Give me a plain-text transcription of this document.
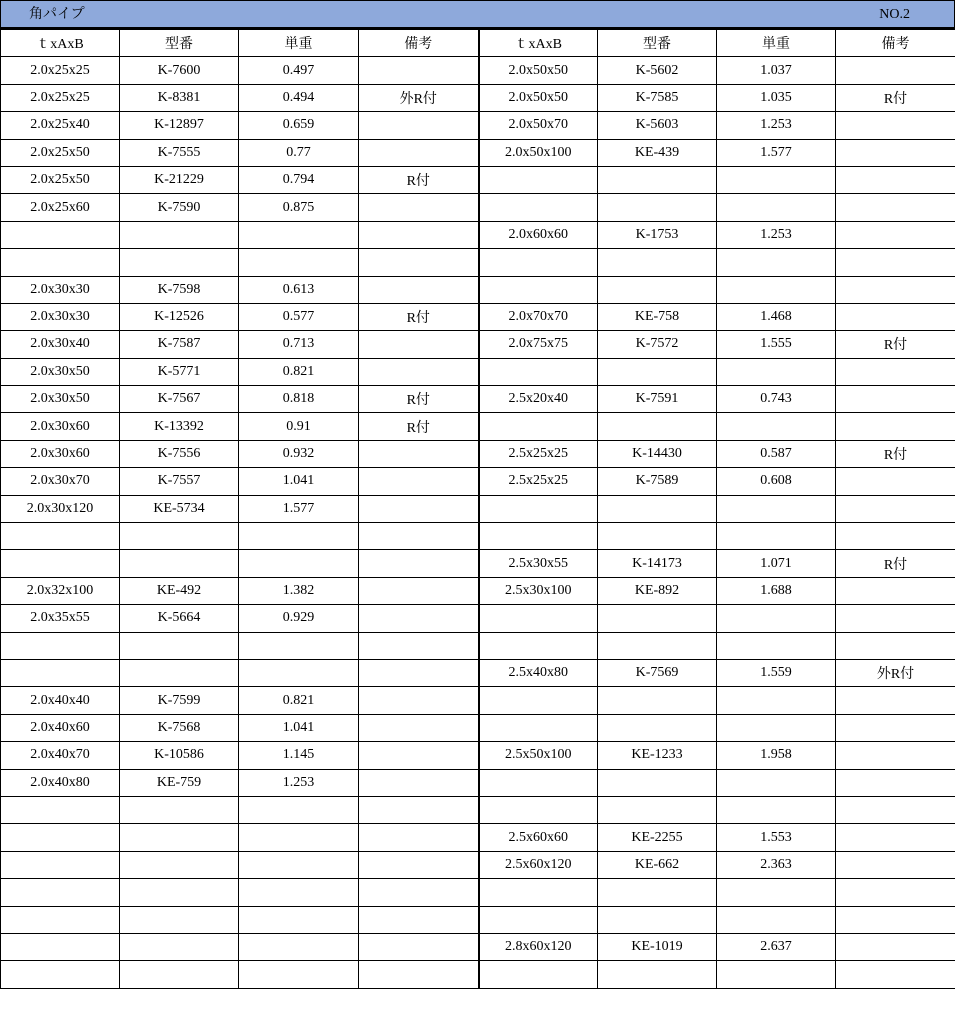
角パイプ	NO.2
ｔxAxB	型番	単重	備考	ｔxAxB	型番	単重	備考
2.0x25x25	K-7600	0.497		2.0x50x50	K-5602	1.037	
2.0x25x25	K-8381	0.494	外R付	2.0x50x50	K-7585	1.035	R付
2.0x25x40	K-12897	0.659		2.0x50x70	K-5603	1.253	
2.0x25x50	K-7555	0.77		2.0x50x100	KE-439	1.577	
2.0x25x50	K-21229	0.794	R付				
2.0x25x60	K-7590	0.875					
				2.0x60x60	K-1753	1.253	

2.0x30x30	K-7598	0.613					
2.0x30x30	K-12526	0.577	R付	2.0x70x70	KE-758	1.468	
2.0x30x40	K-7587	0.713		2.0x75x75	K-7572	1.555	R付
2.0x30x50	K-5771	0.821					
2.0x30x50	K-7567	0.818	R付	2.5x20x40	K-7591	0.743	
2.0x30x60	K-13392	0.91	R付				
2.0x30x60	K-7556	0.932		2.5x25x25	K-14430	0.587	R付
2.0x30x70	K-7557	1.041		2.5x25x25	K-7589	0.608	
2.0x30x120	KE-5734	1.577					

				2.5x30x55	K-14173	1.071	R付
2.0x32x100	KE-492	1.382		2.5x30x100	KE-892	1.688	
2.0x35x55	K-5664	0.929					

				2.5x40x80	K-7569	1.559	外R付
2.0x40x40	K-7599	0.821					
2.0x40x60	K-7568	1.041					
2.0x40x70	K-10586	1.145		2.5x50x100	KE-1233	1.958	
2.0x40x80	KE-759	1.253					

				2.5x60x60	KE-2255	1.553	
				2.5x60x120	KE-662	2.363	

				2.8x60x120	KE-1019	2.637	
